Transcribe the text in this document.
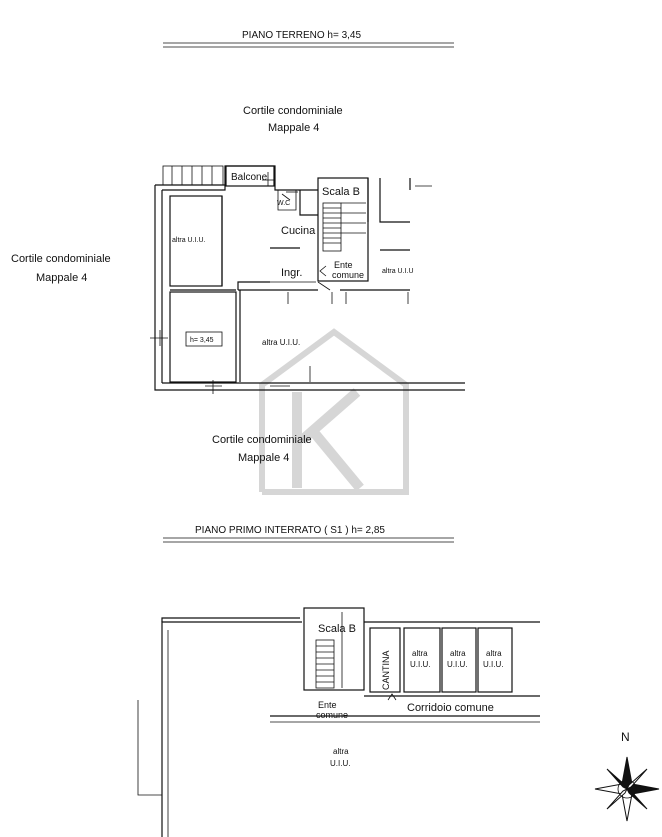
PIANO TERRENO h= 3,45
Cortile condominiale
Mappale 4
Cortile condominiale
Mappale 4
Cortile condominiale
Mappale 4
Balcone
altra U.I.U.
h= 3,45
W.C
Scala B
Cucina
Ingr.
Ente
comune	altra U.I.U
altra U.I.U.
PIANO PRIMO INTERRATO ( S1 ) h= 2,85
Scala B
CANTINA	altra
U.I.U.
altra
U.I.U.
altra
U.I.U.
Ente
comune
Corridoio comune
altra
U.I.U.
N
